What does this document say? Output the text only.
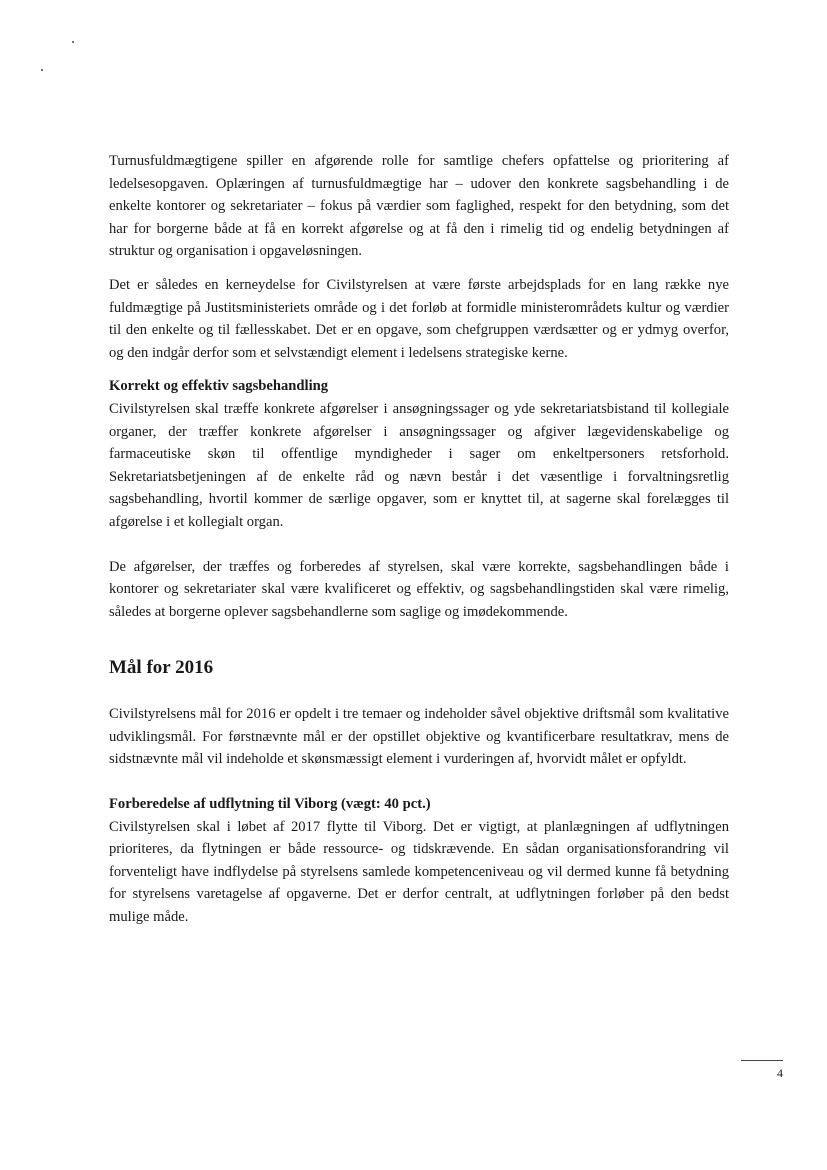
Turnusfuldmægtigene spiller en afgørende rolle for samtlige chefers opfattelse og prioritering af ledelsesopgaven. Oplæringen af turnusfuldmægtige har – udover den konkrete sagsbehandling i de enkelte kontorer og sekretariater – fokus på værdier som faglighed, respekt for den betydning, som det har for borgerne både at få en korrekt afgørelse og at få den i rimelig tid og endelig betydningen af struktur og organisation i opgaveløsningen.

Det er således en kerneydelse for Civilstyrelsen at være første arbejdsplads for en lang række nye fuldmægtige på Justitsministeriets område og i det forløb at formidle ministerområdets kultur og værdier til den enkelte og til fællesskabet. Det er en opgave, som chefgruppen værdsætter og er ydmyg overfor, og den indgår derfor som et selvstændigt element i ledelsens strategiske kerne.

Korrekt og effektiv sagsbehandling

Civilstyrelsen skal træffe konkrete afgørelser i ansøgningssager og yde sekretariatsbistand til kollegiale organer, der træffer konkrete afgørelser i ansøgningssager og afgiver lægevidenskabelige og farmaceutiske skøn til offentlige myndigheder i sager om enkeltpersoners retsforhold. Sekretariatsbetjeningen af de enkelte råd og nævn består i det væsentlige i forvaltningsretlig sagsbehandling, hvortil kommer de særlige opgaver, som er knyttet til, at sagerne skal forelægges til afgørelse i et kollegialt organ.

De afgørelser, der træffes og forberedes af styrelsen, skal være korrekte, sagsbehandlingen både i kontorer og sekretariater skal være kvalificeret og effektiv, og sagsbehandlingstiden skal være rimelig, således at borgerne oplever sagsbehandlerne som saglige og imødekommende.

Mål for 2016

Civilstyrelsens mål for 2016 er opdelt i tre temaer og indeholder såvel objektive driftsmål som kvalitative udviklingsmål. For førstnævnte mål er der opstillet objektive og kvantificerbare resultatkrav, mens de sidstnævnte mål vil indeholde et skønsmæssigt element i vurderingen af, hvorvidt målet er opfyldt.

Forberedelse af udflytning til Viborg (vægt: 40 pct.)

Civilstyrelsen skal i løbet af 2017 flytte til Viborg. Det er vigtigt, at planlægningen af udflytningen prioriteres, da flytningen er både ressource- og tidskrævende. En sådan organisationsforandring vil forventeligt have indflydelse på styrelsens samlede kompetenceniveau og vil dermed kunne få betydning for styrelsens varetagelse af opgaverne. Det er derfor centralt, at udflytningen forløber på den bedst mulige måde.

4
